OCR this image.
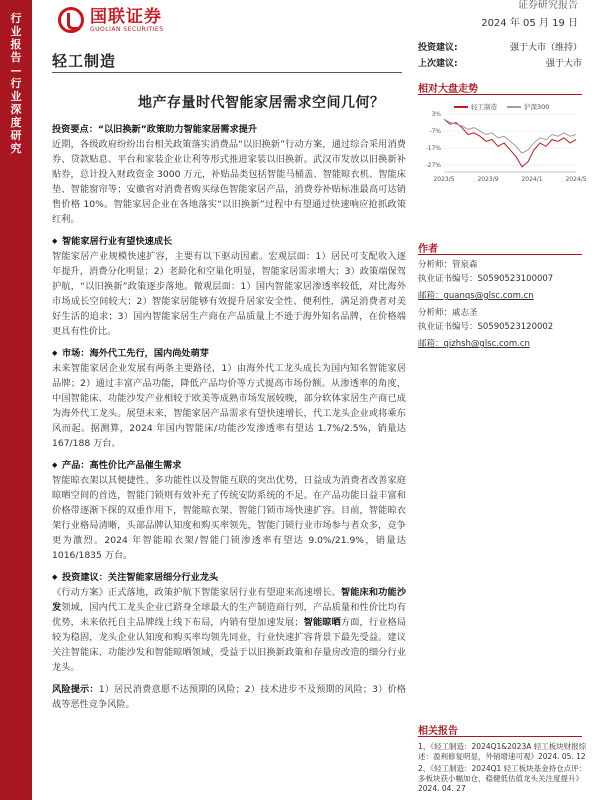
行业报告—行业深度研究
国联证券
GUOLIAN SECURITIES
证券研究报告
2024 年 05 月 19 日
轻工制造
投资建议:	强于大市（维持）
上次建议:	强于大市
地产存量时代智能家居需求空间几何？
投资要点：“以旧换新”政策助力智能家居需求提升
近期，各级政府纷纷出台相关政策落实消费品“以旧换新”行动方案，通过综合采用消费券、贷款贴息、平台和家装企业让利等形式推进家装以旧换新。武汉市发放以旧换新补贴券，总计投入财政资金 3000 万元，补贴品类包括智能马桶盖、智能晾衣机、智能床垫、智能窗帘等；安徽省对消费者购买绿色智能家居产品，消费券补贴标准最高可达销售价格 10%。智能家居企业在各地落实“以旧换新”过程中有望通过快速响应抢抓政策红利。
◆ 智能家居行业有望快速成长
智能家居产业规模快速扩容，主要有以下驱动因素。宏观层面：1）居民可支配收入逐年提升，消费分化明显；2）老龄化和空巢化明显，智能家居需求增大；3）政策端保驾护航，“以旧换新”政策逐步落地。微观层面：1）国内智能家居渗透率较低，对比海外市场成长空间较大；2）智能家居能够有效提升居家安全性、便利性，满足消费者对美好生活的追求；3）国内智能家居生产商在产品质量上不逊于海外知名品牌，在价格端更具有性价比。
◆ 市场：海外代工先行，国内尚处萌芽
未来智能家居企业发展有两条主要路径，1）由海外代工龙头成长为国内知名智能家居品牌；2）通过丰富产品功能，降低产品均价等方式提高市场份额。从渗透率的角度，中国智能床、功能沙发产业相较于欧美等成熟市场发展较晚，部分软体家居生产商已成为海外代工龙头。展望未来，智能家居产品需求有望快速增长，代工龙头企业或将乘东风而起。据测算，2024 年国内智能床/功能沙发渗透率有望达 1.7%/2.5%，销量达 167/188 万台。
◆ 产品：高性价比产品催生需求
智能晾衣架以其便捷性、多功能性以及智能互联的突出优势，日益成为消费者改善家庭晾晒空间的首选，智能门锁则有效补充了传统安防系统的不足。在产品功能日益丰富和价格带逐渐下探的双重作用下，智能晾衣架、智能门锁市场快速扩容。目前，智能晾衣架行业格局清晰，头部品牌认知度和购买率领先，智能门锁行业市场参与者众多，竞争更为激烈。2024 年智能晾衣架/智能门锁渗透率有望达 9.0%/21.9%，销量达 1016/1835 万台。
◆ 投资建议：关注智能家居细分行业龙头
《行动方案》正式落地，政策护航下智能家居行业有望迎来高速增长。智能床和功能沙发领域，国内代工龙头企业已跻身全球最大的生产制造商行列，产品质量和性价比均有优势，未来依托自主品牌线上线下布局，内销有望加速发展；智能晾晒方面，行业格局较为稳固，龙头企业认知度和购买率均领先同业，行业快速扩容背景下最先受益。建议关注智能床、功能沙发和智能晾晒领域，受益于以旧换新政策和存量房改造的细分行业龙头。
风险提示：1）居民消费意愿不达预期的风险；2）技术进步不及预期的风险；3）价格战等恶性竞争风险。
相对大盘走势
轻工制造	沪深300
3%
-7%
-17%
-27%
2023/5	2023/9	2024/1	2024/5
作者
分析师：管泉森
执业证书编号：S0590523100007
邮箱：guanqs@glsc.com.cn
分析师：戚志圣
执业证书编号：S0590523120002
邮箱：qizhsh@glsc.com.cn
相关报告
1、《轻工制造：2024Q1&2023A 轻工板块财报综述：盈利修复明显，外销增速可观》2024. 05. 12
2、《轻工制造：2024Q1 轻工板块基金持仓点评：多板块获小幅加仓，稳健低估值龙头关注度提升》2024. 04. 27
